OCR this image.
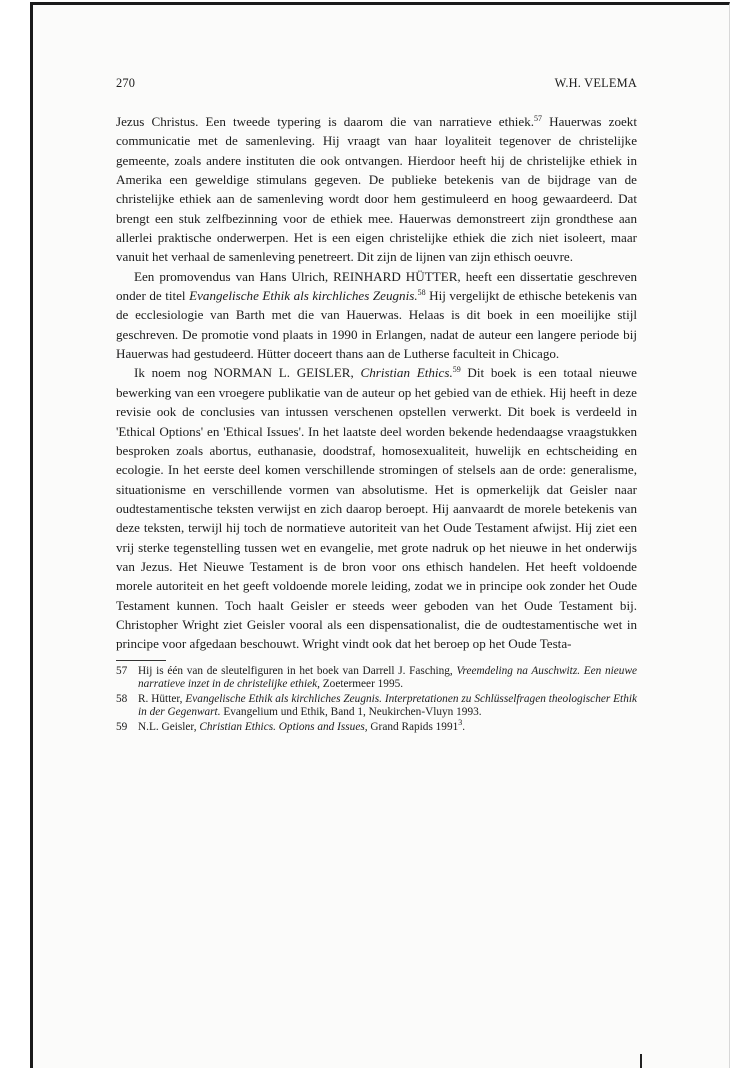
270	W.H. VELEMA

Jezus Christus. Een tweede typering is daarom die van narratieve ethiek.$^{57}$ Hauerwas zoekt communicatie met de samenleving. Hij vraagt van haar loyaliteit tegenover de christelijke gemeente, zoals andere instituten die ook ontvangen. Hierdoor heeft hij de christelijke ethiek in Amerika een geweldige stimulans gegeven. De publieke betekenis van de bijdrage van de christelijke ethiek aan de samenleving wordt door hem gestimuleerd en hoog gewaardeerd. Dat brengt een stuk zelfbezinning voor de ethiek mee. Hauerwas demonstreert zijn grondthese aan allerlei praktische onderwerpen. Het is een eigen christelijke ethiek die zich niet isoleert, maar vanuit het verhaal de samenleving penetreert. Dit zijn de lijnen van zijn ethisch oeuvre.

Een promovendus van Hans Ulrich, REINHARD HÜTTER, heeft een dissertatie geschreven onder de titel Evangelische Ethik als kirchliches Zeugnis.$^{58}$ Hij vergelijkt de ethische betekenis van de ecclesiologie van Barth met die van Hauerwas. Helaas is dit boek in een moeilijke stijl geschreven. De promotie vond plaats in 1990 in Erlangen, nadat de auteur een langere periode bij Hauerwas had gestudeerd. Hütter doceert thans aan de Lutherse faculteit in Chicago.

Ik noem nog NORMAN L. GEISLER, Christian Ethics.$^{59}$ Dit boek is een totaal nieuwe bewerking van een vroegere publikatie van de auteur op het gebied van de ethiek. Hij heeft in deze revisie ook de conclusies van intussen verschenen opstellen verwerkt. Dit boek is verdeeld in 'Ethical Options' en 'Ethical Issues'. In het laatste deel worden bekende hedendaagse vraagstukken besproken zoals abortus, euthanasie, doodstraf, homosexualiteit, huwelijk en echtscheiding en ecologie. In het eerste deel komen verschillende stromingen of stelsels aan de orde: generalisme, situationisme en verschillende vormen van absolutisme. Het is opmerkelijk dat Geisler naar oudtestamentische teksten verwijst en zich daarop beroept. Hij aanvaardt de morele betekenis van deze teksten, terwijl hij toch de normatieve autoriteit van het Oude Testament afwijst. Hij ziet een vrij sterke tegenstelling tussen wet en evangelie, met grote nadruk op het nieuwe in het onderwijs van Jezus. Het Nieuwe Testament is de bron voor ons ethisch handelen. Het heeft voldoende morele autoriteit en het geeft voldoende morele leiding, zodat we in principe ook zonder het Oude Testament kunnen. Toch haalt Geisler er steeds weer geboden van het Oude Testament bij. Christopher Wright ziet Geisler vooral als een dispensationalist, die de oudtestamentische wet in principe voor afgedaan beschouwt. Wright vindt ook dat het beroep op het Oude Testa-

57 Hij is één van de sleutelfiguren in het boek van Darrell J. Fasching, Vreemdeling na Auschwitz. Een nieuwe narratieve inzet in de christelijke ethiek, Zoetermeer 1995.
58 R. Hütter, Evangelische Ethik als kirchliches Zeugnis. Interpretationen zu Schlüsselfragen theologischer Ethik in der Gegenwart. Evangelium und Ethik, Band 1, Neukirchen-Vluyn 1993.
59 N.L. Geisler, Christian Ethics. Options and Issues, Grand Rapids 1991$^3$.
